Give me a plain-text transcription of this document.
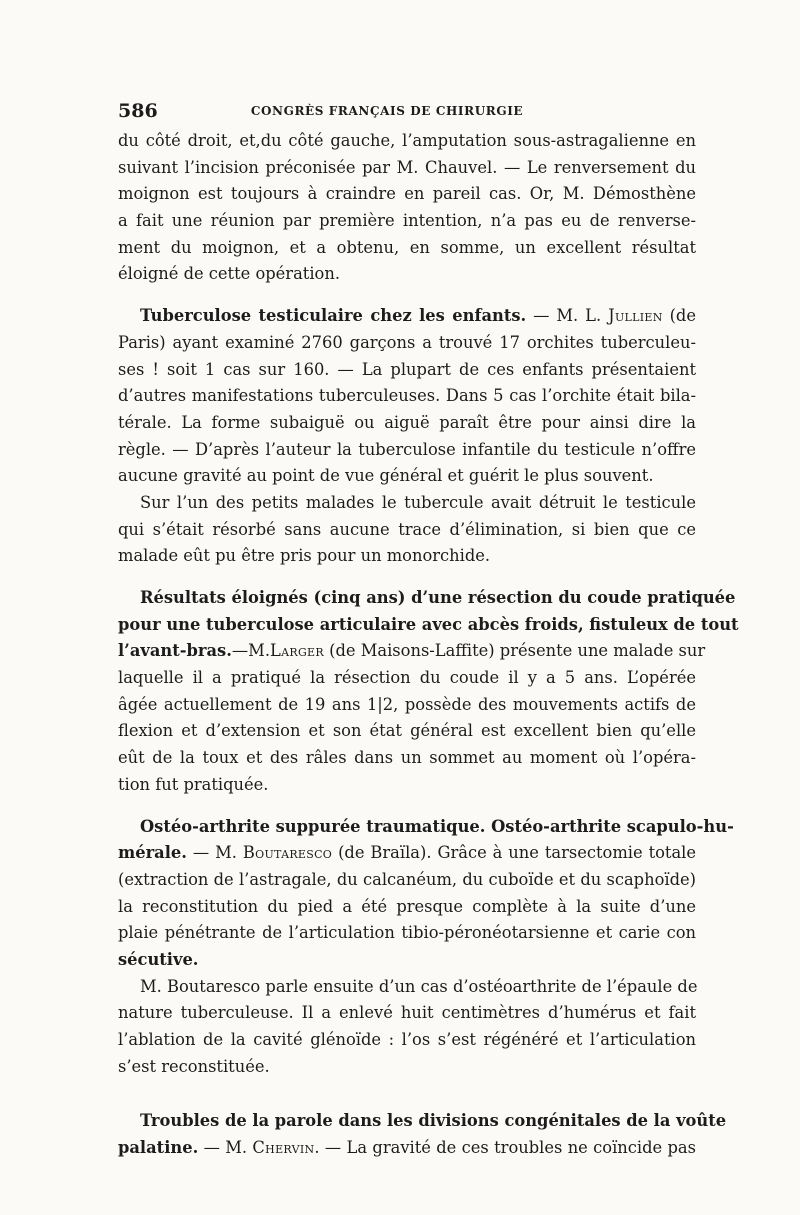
586	CONGRÈS FRANÇAIS DE CHIRURGIE
du côté droit, et,du côté gauche, l’amputation sous-astragalienne en
suivant l’incision préconisée par M. Chauvel. — Le renversement du
moignon est toujours à craindre en pareil cas. Or, M. Démosthène
a fait une réunion par première intention, n’a pas eu de renverse-
ment du moignon, et a obtenu, en somme, un excellent résultat
éloigné de cette opération.
Tuberculose testiculaire chez les enfants. — M. L. Jullien (de
Paris) ayant examiné 2760 garçons a trouvé 17 orchites tuberculeu-
ses ! soit 1 cas sur 160. — La plupart de ces enfants présentaient
d’autres manifestations tuberculeuses. Dans 5 cas l’orchite était bila-
térale. La forme subaiguë ou aiguë paraît être pour ainsi dire la
règle. — D’après l’auteur la tuberculose infantile du testicule n’offre
aucune gravité au point de vue général et guérit le plus souvent.
Sur l’un des petits malades le tubercule avait détruit le testicule
qui s’était résorbé sans aucune trace d’élimination, si bien que ce
malade eût pu être pris pour un monorchide.
Résultats éloignés (cinq ans) d’une résection du coude pratiquée
pour une tuberculose articulaire avec abcès froids, fistuleux de tout
l’avant-bras.—M.Larger (de Maisons-Laffite) présente une malade sur
laquelle il a pratiqué la résection du coude il y a 5 ans. L’opérée
âgée actuellement de 19 ans 1|2, possède des mouvements actifs de
flexion et d’extension et son état général est excellent bien qu’elle
eût de la toux et des râles dans un sommet au moment où l’opéra-
tion fut pratiquée.
Ostéo-arthrite suppurée traumatique. Ostéo-arthrite scapulo-hu-
mérale. — M. Boutaresco (de Braïla). Grâce à une tarsectomie totale
(extraction de l’astragale, du calcanéum, du cuboïde et du scaphoïde)
la reconstitution du pied a été presque complète à la suite d’une
plaie pénétrante de l’articulation tibio-péronéotarsienne et carie con
sécutive.
M. Boutaresco parle ensuite d’un cas d’ostéoarthrite de l’épaule de
nature tuberculeuse. Il a enlevé huit centimètres d’humérus et fait
l’ablation de la cavité glénoïde : l’os s’est régénéré et l’articulation
s’est reconstituée.
Troubles de la parole dans les divisions congénitales de la voûte
palatine. — M. Chervin. — La gravité de ces troubles ne coïncide pas
